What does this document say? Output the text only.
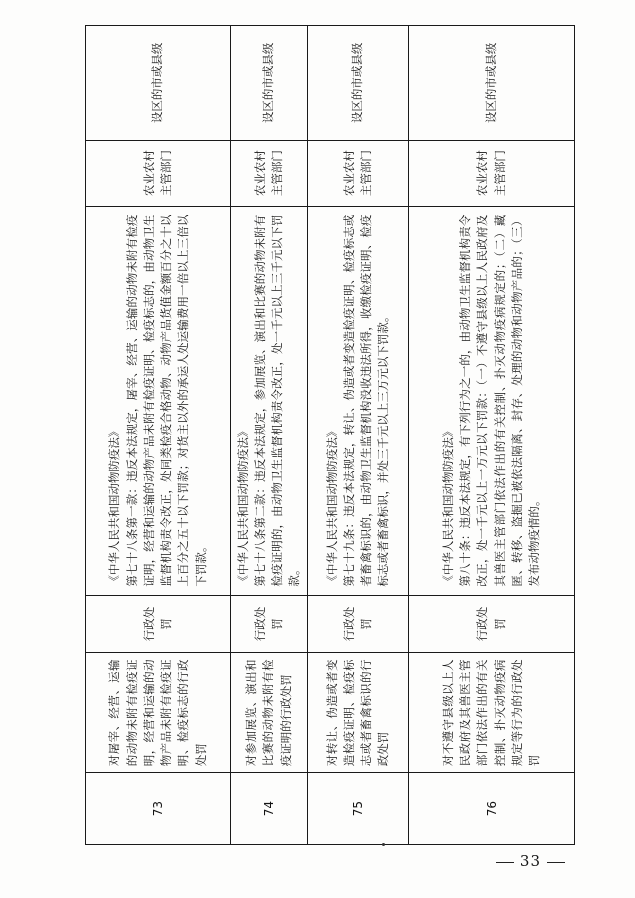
73
对屠宰、经营、运输的动物未附有检疫证明，经营和运输的动物产品未附有检疫证明、检疫标志的行政处罚
行政处罚
《中华人民共和国动物防疫法》 第七十八条第一款：违反本法规定，屠宰、经营、运输的动物未附有检疫证明，经营和运输的动物产品未附有检疫证明、检疫标志的，由动物卫生监督机构责令改正，处同类检疫合格动物、动物产品货值金额百分之十以上百分之五十以下罚款；对货主以外的承运人处运输费用一倍以上三倍以下罚款。
农业农村主管部门
设区的市或县级
74
对参加展览、演出和比赛的动物未附有检疫证明的行政处罚
行政处罚
《中华人民共和国动物防疫法》 第七十八条第二款：违反本法规定，参加展览、演出和比赛的动物未附有检疫证明的，由动物卫生监督机构责令改正，处一千元以上三千元以下罚款。
农业农村主管部门
设区的市或县级
75
对转让、伪造或者变造检疫证明、检疫标志或者畜禽标识的行政处罚
行政处罚
《中华人民共和国动物防疫法》 第七十九条：违反本法规定，转让、伪造或者变造检疫证明、检疫标志或者畜禽标识的，由动物卫生监督机构没收违法所得，收缴检疫证明、检疫标志或者畜禽标识，并处三千元以上三万元以下罚款。
农业农村主管部门
设区的市或县级
76
对不遵守县级以上人民政府及其兽医主管部门依法作出的有关控制、扑灭动物疫病规定等行为的行政处罚
行政处罚
《中华人民共和国动物防疫法》 第八十条：违反本法规定，有下列行为之一的，由动物卫生监督机构责令改正，处一千元以上一万元以下罚款：（一）不遵守县级以上人民政府及其兽医主管部门依法作出的有关控制、扑灭动物疫病规定的；（二）藏匿、转移、盗掘已被依法隔离、封存、处理的动物和动物产品的；（三）发布动物疫情的。
农业农村主管部门
设区的市或县级
33
